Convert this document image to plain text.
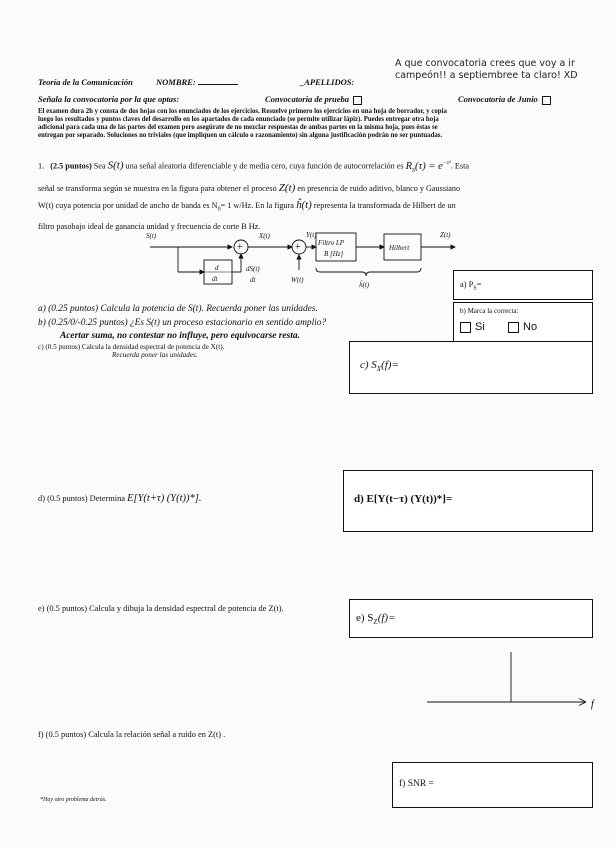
A que convocatoria crees que voy a ir
campeón!! a septiembree ta claro! XD
Teoría de la Comunicación	NOMBRE:	_APELLIDOS:
Señala la convocatoria por la que optas:	Convocatoria de prueba	Convocatoria de Junio
El examen dura 2h y consta de dos hojas con los enunciados de los ejercicios. Resuelve primero los ejercicios en una hoja de borrador, y copia
luego los resultados y puntos claves del desarrollo en los apartados de cada enunciado (se permite utilizar lápiz). Puedes entregar otra hoja
adicional para cada una de las partes del examen pero asegúrate de no mezclar respuestas de ambas partes en la misma hoja, pues éstas se
entregan por separado. Soluciones no triviales (que impliquen un cálculo o razonamiento) sin alguna justificación podrán no ser puntuadas.
1. (2.5 puntos) Sea S(t) una señal aleatoria diferenciable y de media cero, cuya función de autocorrelación es $R_S(\tau) = e^{-\tau^2}$. Esta
señal se transforma según se muestra en la figura para obtener el proceso Z(t) en presencia de ruido aditivo, blanco y Gaussiano
W(t) cuya potencia por unidad de ancho de banda es $N_0= 1$ w/Hz. En la figura ĥ(t) representa la transformada de Hilbert de un
filtro pasobajo ideal de ganancia unidad y frecuencia de corte B Hz.
S(t)	X(t)	Y(t)	Z(t)
+	+
d
dt
dS(t)
dt	W(t)
Filtro LP
B [Hz]
Hilbert
ĥ(t)	a) $P_S=$
a) (0.25 puntos) Calcula la potencia de S(t). Recuerda poner las unidades.
b) (0.25/0/-0.25 puntos) ¿Es S(t) un proceso estacionario en sentido amplio?
Acertar suma, no contestar no influye, pero equivocarse resta.
b) Marca la correcta:
Si	No
c) (0.5 puntos) Calcula la densidad espectral de potencia de X(t).
Recuerda poner las unidades.
c) $S_X(f)=$
d) (0.5 puntos) Determina E[Y(t+τ) (Y(t))*].	d) E[Y(t−τ) (Y(t))*]=
e) (0.5 puntos) Calcula y dibuja la densidad espectral de potencia de Z(t).
e) $S_Z(f)=$
f
f) (0.5 puntos) Calcula la relación señal a ruido en Z(t) .
f) SNR =
*Hay otro problema detrás.
